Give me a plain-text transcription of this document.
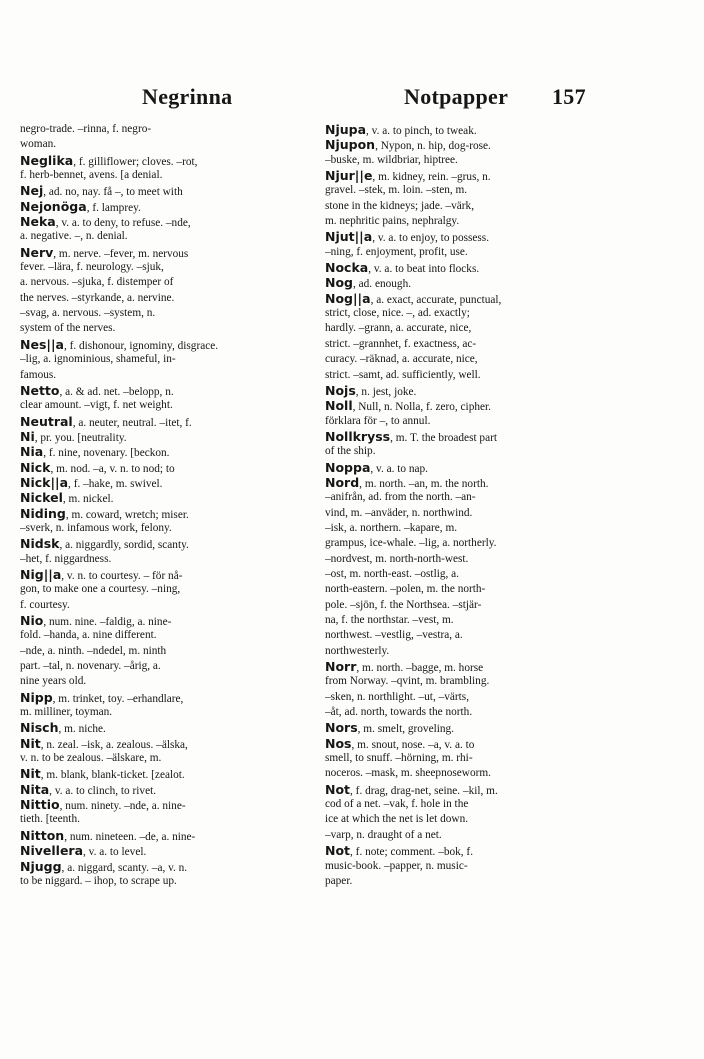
Negrinna	Notpapper 157
negro-trade. –rinna, f. negro-
woman.
Neglika, f. gilliflower; cloves. –rot,
f. herb-bennet, avens. [a denial.
Nej, ad. no, nay. få –, to meet with
Nejonöga, f. lamprey.
Neka, v. a. to deny, to refuse. –nde,
a. negative. –, n. denial.
Nerv, m. nerve. –fever, m. nervous
fever. –lära, f. neurology. –sjuk,
a. nervous. –sjuka, f. distemper of
the nerves. –styrkande, a. nervine.
–svag, a. nervous. –system, n.
system of the nerves.
Nes||a, f. dishonour, ignominy, disgrace.
–lig, a. ignominious, shameful, in-
famous.
Netto, a. & ad. net. –belopp, n.
clear amount. –vigt, f. net weight.
Neutral, a. neuter, neutral. –itet, f.
Ni, pr. you. [neutrality.
Nia, f. nine, novenary. [beckon.
Nick, m. nod. –a, v. n. to nod; to
Nick||a, f. –hake, m. swivel.
Nickel, m. nickel.
Niding, m. coward, wretch; miser.
–sverk, n. infamous work, felony.
Nidsk, a. niggardly, sordid, scanty.
–het, f. niggardness.
Nig||a, v. n. to courtesy. – för nå-
gon, to make one a courtesy. –ning,
f. courtesy.
Nio, num. nine. –faldig, a. nine-
fold. –handa, a. nine different.
–nde, a. ninth. –ndedel, m. ninth
part. –tal, n. novenary. –årig, a.
nine years old.
Nipp, m. trinket, toy. –erhandlare,
m. milliner, toyman.
Nisch, m. niche.
Nit, n. zeal. –isk, a. zealous. –älska,
v. n. to be zealous. –älskare, m.
Nit, m. blank, blank-ticket. [zealot.
Nita, v. a. to clinch, to rivet.
Nittio, num. ninety. –nde, a. nine-
tieth. [teenth.
Nitton, num. nineteen. –de, a. nine-
Nivellera, v. a. to level.
Njugg, a. niggard, scanty. –a, v. n.
to be niggard. – ihop, to scrape up.
Njupa, v. a. to pinch, to tweak.
Njupon, Nypon, n. hip, dog-rose.
–buske, m. wildbriar, hiptree.
Njur||e, m. kidney, rein. –grus, n.
gravel. –stek, m. loin. –sten, m.
stone in the kidneys; jade. –värk,
m. nephritic pains, nephralgy.
Njut||a, v. a. to enjoy, to possess.
–ning, f. enjoyment, profit, use.
Nocka, v. a. to beat into flocks.
Nog, ad. enough.
Nog||a, a. exact, accurate, punctual,
strict, close, nice. –, ad. exactly;
hardly. –grann, a. accurate, nice,
strict. –grannhet, f. exactness, ac-
curacy. –räknad, a. accurate, nice,
strict. –samt, ad. sufficiently, well.
Nojs, n. jest, joke.
Noll, Null, n. Nolla, f. zero, cipher.
förklara för –, to annul.
Nollkryss, m. T. the broadest part
of the ship.
Noppa, v. a. to nap.
Nord, m. north. –an, m. the north.
–anifrån, ad. from the north. –an-
vind, m. –anväder, n. northwind.
–isk, a. northern. –kapare, m.
grampus, ice-whale. –lig, a. northerly.
–nordvest, m. north-north-west.
–ost, m. north-east. –ostlig, a.
north-eastern. –polen, m. the north-
pole. –sjön, f. the Northsea. –stjär-
na, f. the northstar. –vest, m.
northwest. –vestlig, –vestra, a.
northwesterly.
Norr, m. north. –bagge, m. horse
from Norway. –qvint, m. brambling.
–sken, n. northlight. –ut, –värts,
–åt, ad. north, towards the north.
Nors, m. smelt, groveling.
Nos, m. snout, nose. –a, v. a. to
smell, to snuff. –hörning, m. rhi-
noceros. –mask, m. sheepnoseworm.
Not, f. drag, drag-net, seine. –kil, m.
cod of a net. –vak, f. hole in the
ice at which the net is let down.
–varp, n. draught of a net.
Not, f. note; comment. –bok, f.
music-book. –papper, n. music-
paper.
